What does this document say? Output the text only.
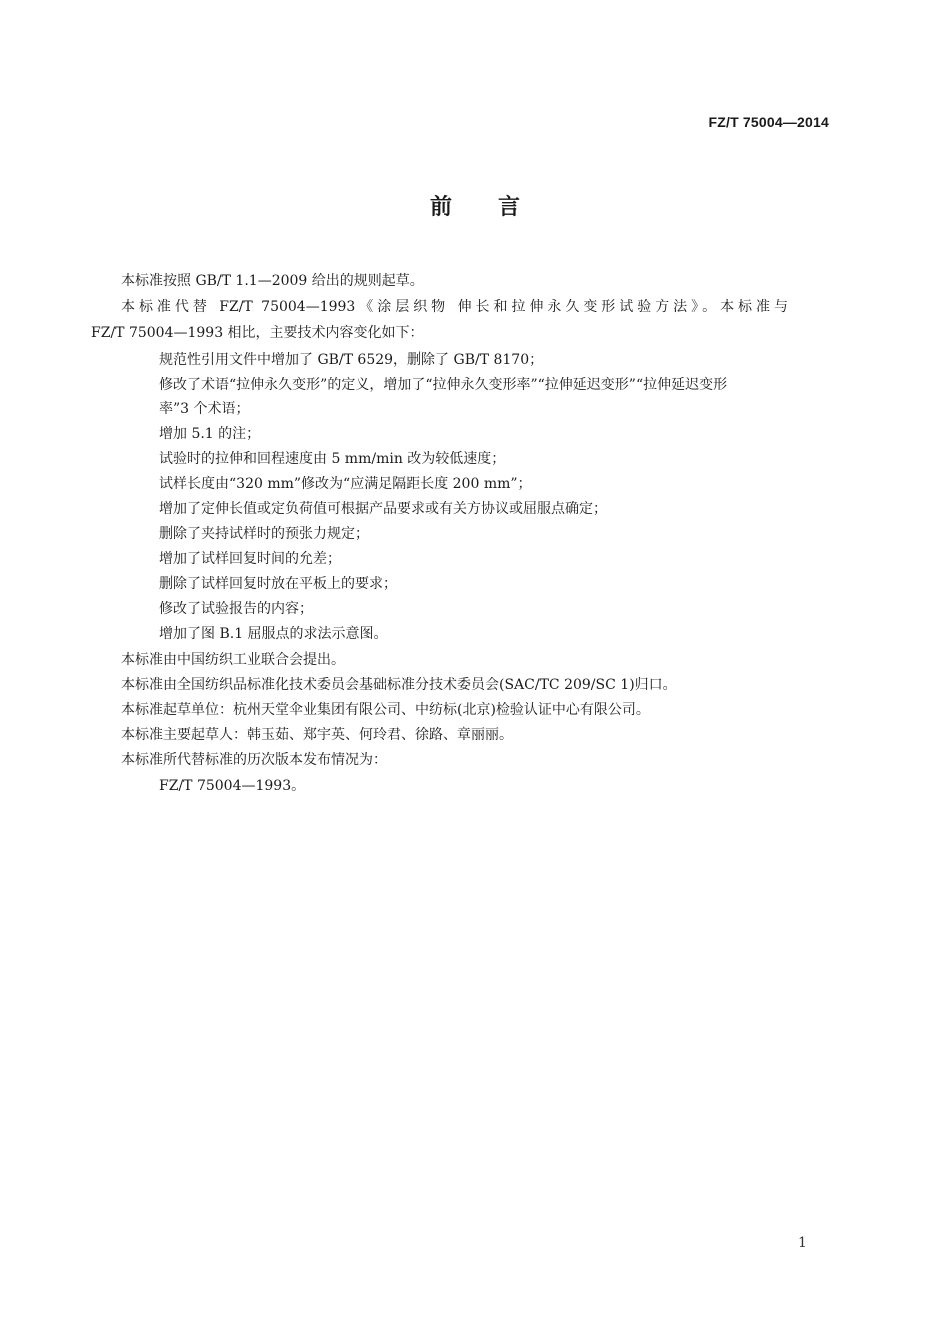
FZ/T 75004—2014
前言
本标准按照 GB/T 1.1—2009 给出的规则起草。
本标准代替 FZ/T 75004—1993《涂层织物 伸长和拉伸永久变形试验方法》。本标准与
FZ/T 75004—1993 相比，主要技术内容变化如下：
规范性引用文件中增加了 GB/T 6529，删除了 GB/T 8170；
修改了术语“拉伸永久变形”的定义，增加了“拉伸永久变形率”“拉伸延迟变形”“拉伸延迟变形
率”3 个术语；
增加 5.1 的注；
试验时的拉伸和回程速度由 5 mm/min 改为较低速度；
试样长度由“320 mm”修改为“应满足隔距长度 200 mm”；
增加了定伸长值或定负荷值可根据产品要求或有关方协议或屈服点确定；
删除了夹持试样时的预张力规定；
增加了试样回复时间的允差；
删除了试样回复时放在平板上的要求；
修改了试验报告的内容；
增加了图 B.1 屈服点的求法示意图。
本标准由中国纺织工业联合会提出。
本标准由全国纺织品标准化技术委员会基础标准分技术委员会(SAC/TC 209/SC 1)归口。
本标准起草单位：杭州天堂伞业集团有限公司、中纺标(北京)检验认证中心有限公司。
本标准主要起草人：韩玉茹、郑宇英、何玲君、徐路、章丽丽。
本标准所代替标准的历次版本发布情况为：
FZ/T 75004—1993。
1
